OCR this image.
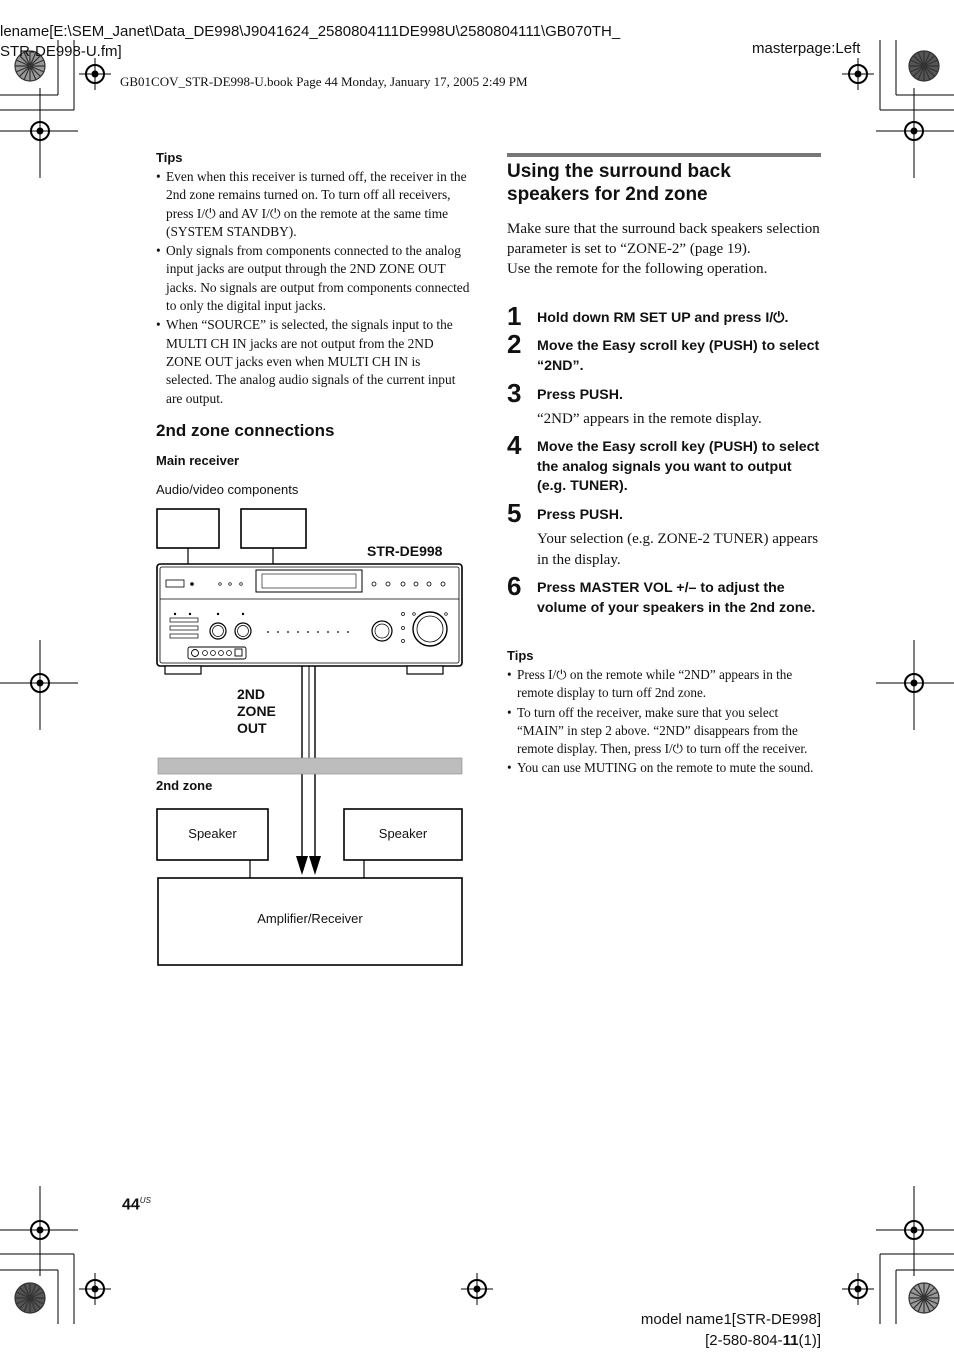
lename[E:\SEM_Janet\Data_DE998\J9041624_2580804111DE998U\2580804111\GB070TH_
STR-DE998-U.fm]	masterpage:Left
GB01COV_STR-DE998-U.book Page 44 Monday, January 17, 2005 2:49 PM
Tips
• Even when this receiver is turned off, the receiver in the 2nd zone remains turned on. To turn off all receivers, press I/⏻ and AV I/⏻ on the remote at the same time (SYSTEM STANDBY).
• Only signals from components connected to the analog input jacks are output through the 2ND ZONE OUT jacks. No signals are output from components connected to only the digital input jacks.
• When “SOURCE” is selected, the signals input to the MULTI CH IN jacks are not output from the 2ND ZONE OUT jacks even when MULTI CH IN is selected. The analog audio signals of the current input are output.
2nd zone connections
Main receiver
Audio/video components
STR-DE998
2ND
ZONE
OUT
2nd zone
Speaker	Speaker
Amplifier/Receiver
Using the surround back
speakers for 2nd zone
Make sure that the surround back speakers selection parameter is set to “ZONE-2” (page 19).
Use the remote for the following operation.
1 Hold down RM SET UP and press I/⏻.
2 Move the Easy scroll key (PUSH) to select “2ND”.
3 Press PUSH.
“2ND” appears in the remote display.
4 Move the Easy scroll key (PUSH) to select the analog signals you want to output (e.g. TUNER).
5 Press PUSH.
Your selection (e.g. ZONE-2 TUNER) appears in the display.
6 Press MASTER VOL +/– to adjust the volume of your speakers in the 2nd zone.
Tips
• Press I/⏻ on the remote while “2ND” appears in the remote display to turn off 2nd zone.
• To turn off the receiver, make sure that you select “MAIN” in step 2 above. “2ND” disappears from the remote display. Then, press I/⏻ to turn off the receiver.
• You can use MUTING on the remote to mute the sound.
$44^{US}$
model name1[STR-DE998]
[2-580-804-11(1)]
